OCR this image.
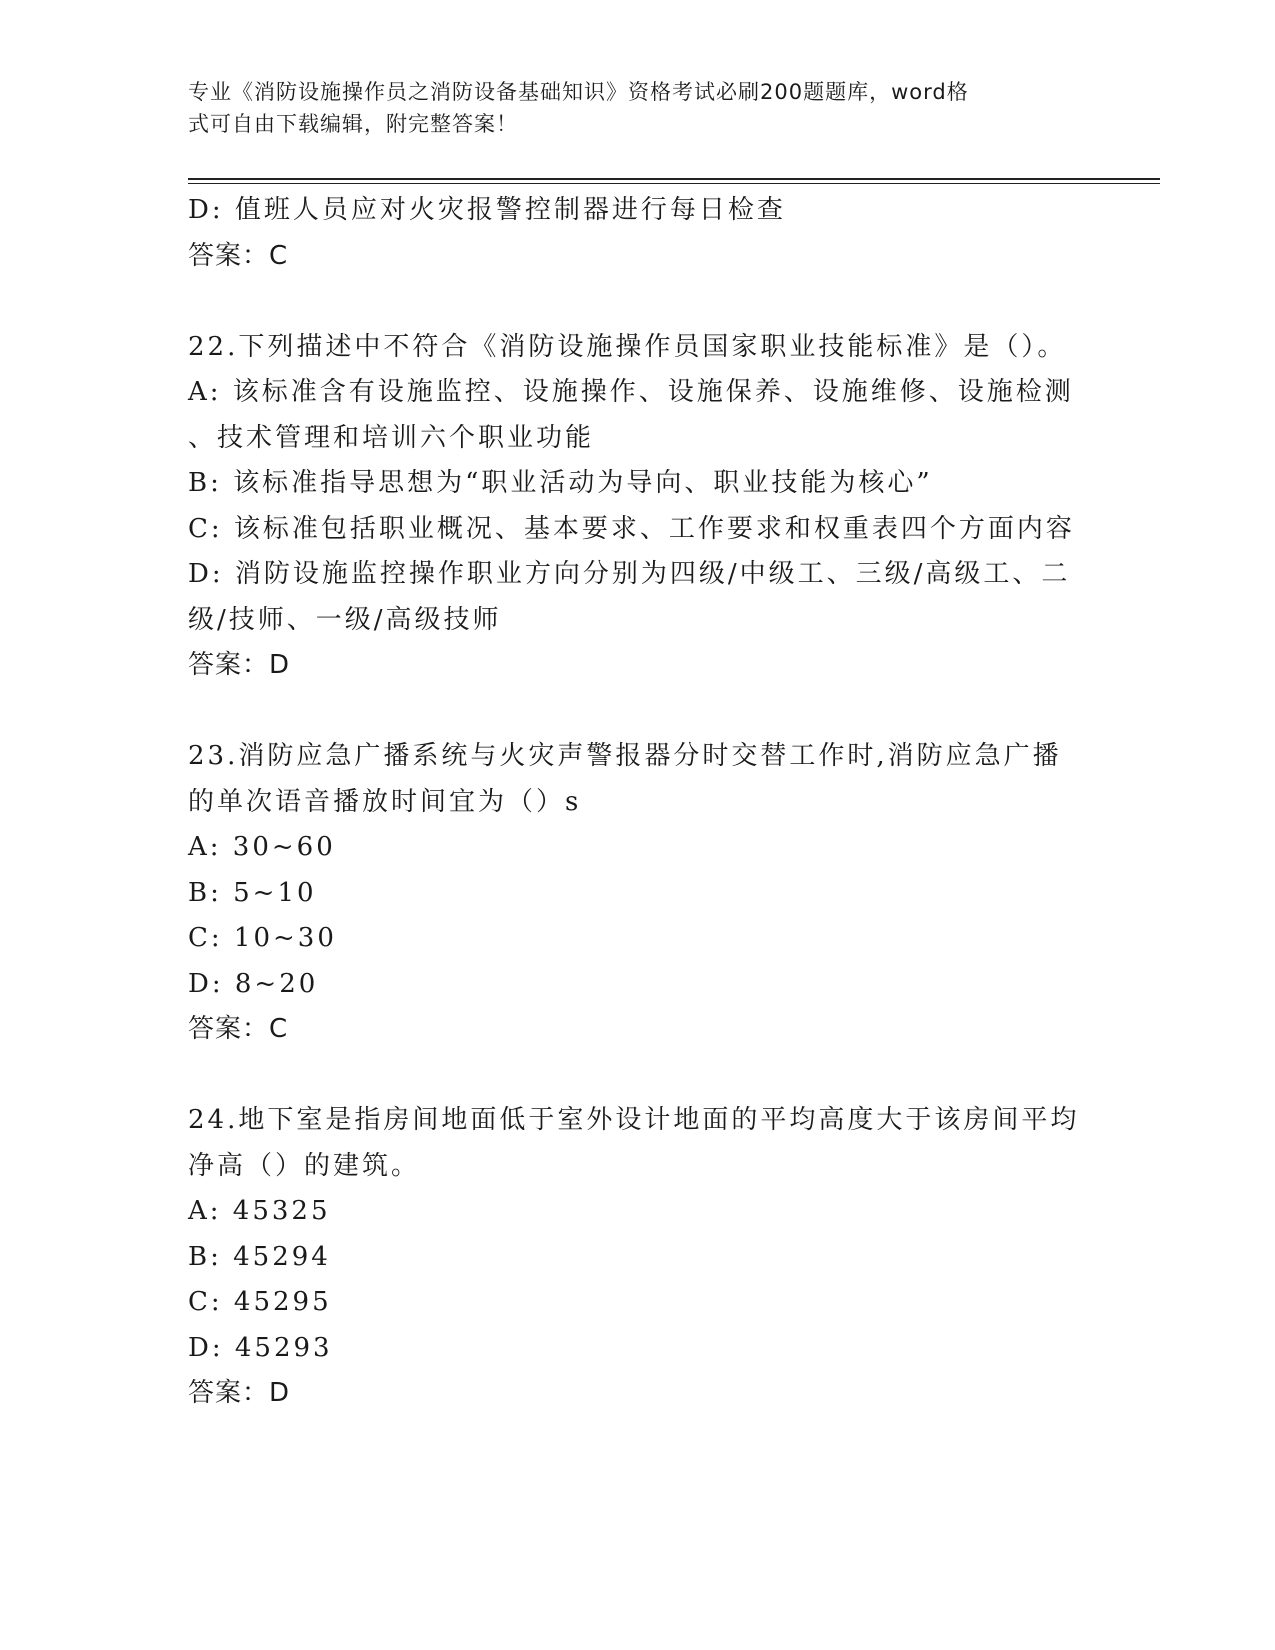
专业《消防设施操作员之消防设备基础知识》资格考试必刷200题题库，word格
式可自由下载编辑，附完整答案！
D: 值班人员应对火灾报警控制器进行每日检查
答案：C
22.下列描述中不符合《消防设施操作员国家职业技能标准》是（）。
A: 该标准含有设施监控、设施操作、设施保养、设施维修、设施检测
、技术管理和培训六个职业功能
B: 该标准指导思想为“职业活动为导向、职业技能为核心”
C: 该标准包括职业概况、基本要求、工作要求和权重表四个方面内容
D: 消防设施监控操作职业方向分别为四级/中级工、三级/高级工、二
级/技师、一级/高级技师
答案：D
23.消防应急广播系统与火灾声警报器分时交替工作时,消防应急广播
的单次语音播放时间宜为（）s
A: 30~60
B: 5~10
C: 10~30
D: 8~20
答案：C
24.地下室是指房间地面低于室外设计地面的平均高度大于该房间平均
净高（）的建筑。
A: 45325
B: 45294
C: 45295
D: 45293
答案：D
